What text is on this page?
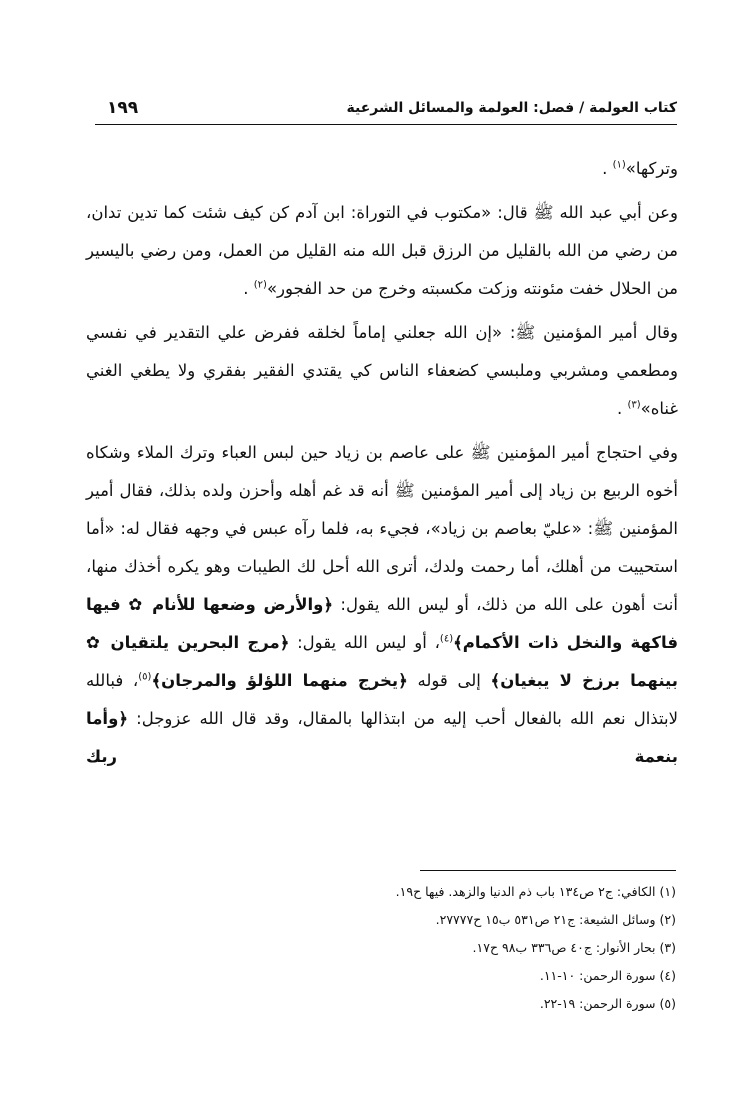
كتاب العولمة / فصل: العولمة والمسائل الشرعية
١٩٩

وتركها»$^{(١)}$ .

وعن أبي عبد الله ﷺ قال: «مكتوب في التوراة: ابن آدم كن كيف شئت كما تدين تدان، من رضي من الله بالقليل من الرزق قبل الله منه القليل من العمل، ومن رضي باليسير من الحلال خفت مئونته وزكت مكسبته وخرج من حد الفجور»$^{(٢)}$ .

وقال أمير المؤمنين ﷺ: «إن الله جعلني إماماً لخلقه ففرض علي التقدير في نفسي ومطعمي ومشربي وملبسي كضعفاء الناس كي يقتدي الفقير بفقري ولا يطغي الغني غناه»$^{(٣)}$ .

وفي احتجاج أمير المؤمنين ﷺ على عاصم بن زياد حين لبس العباء وترك الملاء وشكاه أخوه الربيع بن زياد إلى أمير المؤمنين ﷺ أنه قد غم أهله وأحزن ولده بذلك، فقال أمير المؤمنين ﷺ: «عليّ بعاصم بن زياد»، فجيء به، فلما رآه عبس في وجهه فقال له: «أما استحييت من أهلك، أما رحمت ولدك، أترى الله أحل لك الطيبات وهو يكره أخذك منها، أنت أهون على الله من ذلك، أو ليس الله يقول: ﴿والأرض وضعها للأنام ✿ فيها فاكهة والنخل ذات الأكمام﴾$^{(٤)}$، أو ليس الله يقول: ﴿مرج البحرين يلتقيان ✿ بينهما برزخ لا يبغيان﴾ إلى قوله ﴿يخرج منهما اللؤلؤ والمرجان﴾$^{(٥)}$، فبالله لابتذال نعم الله بالفعال أحب إليه من ابتذالها بالمقال، وقد قال الله عزوجل: ﴿وأما بنعمة ربك

(١) الكافي: ج٢ ص١٣٤ باب ذم الدنيا والزهد. فيها ح١٩.
(٢) وسائل الشيعة: ج٢١ ص٥٣١ ب١٥ ح٢٧٧٧٧.
(٣) بحار الأنوار: ج٤٠ ص٣٣٦ ب٩٨ ح١٧.
(٤) سورة الرحمن: ١٠-١١.
(٥) سورة الرحمن: ١٩-٢٢.
